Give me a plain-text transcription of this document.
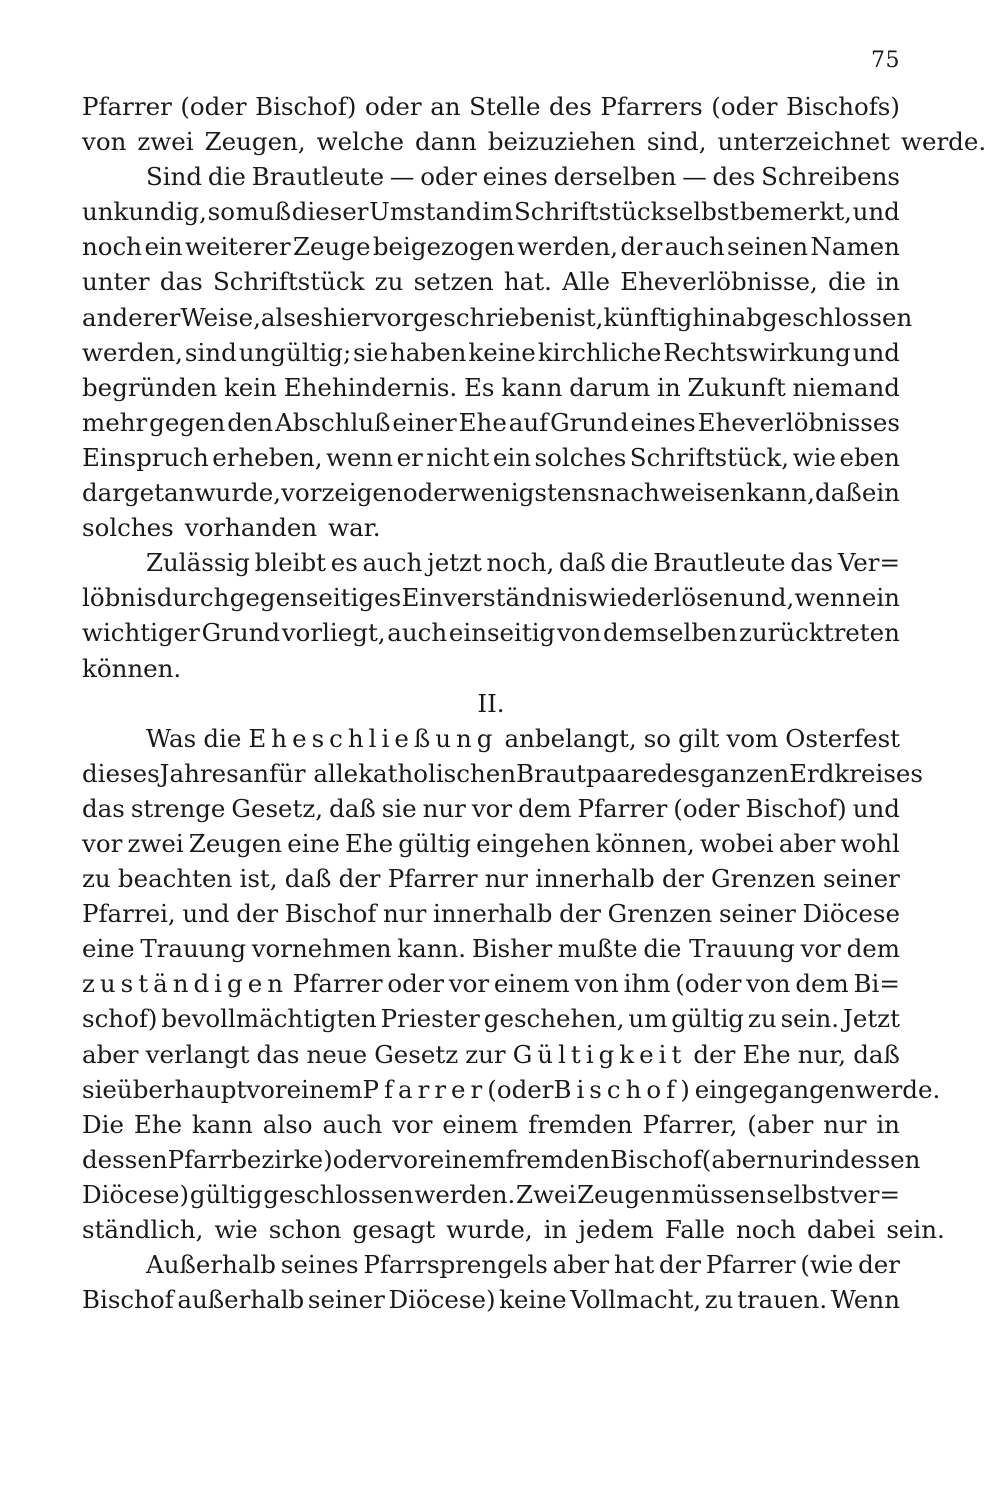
75
Pfarrer (oder Bischof) oder an Stelle des Pfarrers (oder Bischofs)
von zwei Zeugen, welche dann beizuziehen sind, unterzeichnet werde.
Sind die Brautleute — oder eines derselben — des Schreibens
unkundig, so muß dieser Umstand im Schriftstück selbst bemerkt, und
noch ein weiterer Zeuge beigezogen werden, der auch seinen Namen
unter das Schriftstück zu setzen hat. Alle Eheverlöbnisse, die in
anderer Weise, als es hier vorgeschrieben ist, künftighin abgeschlossen
werden, sind ungültig; sie haben keine kirchliche Rechtswirkung und
begründen kein Ehehindernis. Es kann darum in Zukunft niemand
mehr gegen den Abschluß einer Ehe auf Grund eines Eheverlöbnisses
Einspruch erheben, wenn er nicht ein solches Schriftstück, wie eben
dargetan wurde, vorzeigen oder wenigstens nachweisen kann, daß ein
solches vorhanden war.
Zulässig bleibt es auch jetzt noch, daß die Brautleute das Ver=
löbnis durch gegenseitiges Einverständnis wieder lösen und, wenn ein
wichtiger Grund vorliegt, auch einseitig von demselben zurücktreten
können.
II.
Was die Eheschließung anbelangt, so gilt vom Osterfest
dieses Jahres an für alle katholischen Brautpaare des ganzen Erdkreises
das strenge Gesetz, daß sie nur vor dem Pfarrer (oder Bischof) und
vor zwei Zeugen eine Ehe gültig eingehen können, wobei aber wohl
zu beachten ist, daß der Pfarrer nur innerhalb der Grenzen seiner
Pfarrei, und der Bischof nur innerhalb der Grenzen seiner Diöcese
eine Trauung vornehmen kann. Bisher mußte die Trauung vor dem
zuständigen Pfarrer oder vor einem von ihm (oder von dem Bi=
schof) bevollmächtigten Priester geschehen, um gültig zu sein. Jetzt
aber verlangt das neue Gesetz zur Gültigkeit der Ehe nur, daß
sie überhaupt vor einem Pfarrer (oder Bischof) eingegangen werde.
Die Ehe kann also auch vor einem fremden Pfarrer, (aber nur in
dessen Pfarrbezirke) oder vor einem fremden Bischof (aber nur in dessen
Diöcese) gültig geschlossen werden. Zwei Zeugen müssen selbstver=
ständlich, wie schon gesagt wurde, in jedem Falle noch dabei sein.
Außerhalb seines Pfarrsprengels aber hat der Pfarrer (wie der
Bischof außerhalb seiner Diöcese) keine Vollmacht, zu trauen. Wenn
